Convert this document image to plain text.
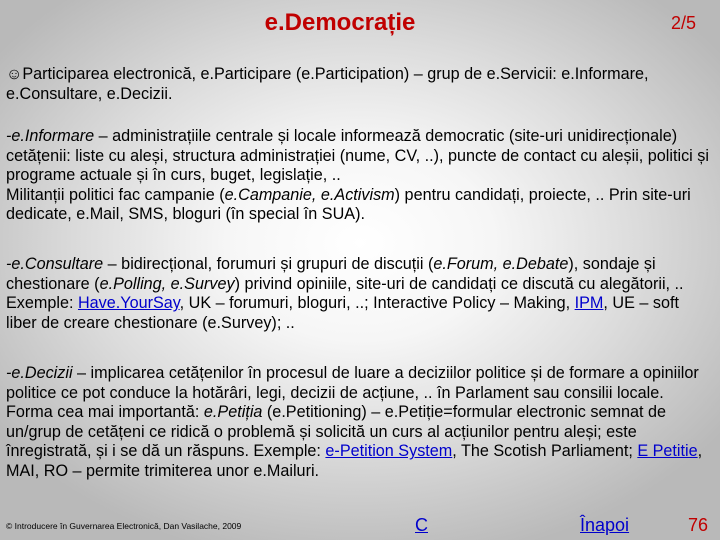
e.Democrație	2/5

☺Participarea electronică, e.Participare (e.Participation) – grup de e.Servicii: e.Informare, e.Consultare, e.Decizii.

-e.Informare – administrațiile centrale și locale informează democratic (site-uri unidirecționale) cetățenii: liste cu aleși, structura administrației (nume, CV, ..), puncte de contact cu aleșii, politici și programe actuale și în curs, buget, legislație, ..
Militanții politici fac campanie (e.Campanie, e.Activism) pentru candidați, proiecte, .. Prin site-uri dedicate, e.Mail, SMS, bloguri (în special în SUA).

-e.Consultare – bidirecțional, forumuri și grupuri de discuții (e.Forum, e.Debate), sondaje și chestionare (e.Polling, e.Survey) privind opiniile, site-uri de candidați ce discută cu alegătorii, .. Exemple: Have.YourSay, UK – forumuri, bloguri, ..; Interactive Policy – Making, IPM, UE – soft liber de creare chestionare (e.Survey); ..

-e.Decizii – implicarea cetățenilor în procesul de luare a deciziilor politice și de formare a opiniilor politice ce pot conduce la hotărâri, legi, decizii de acțiune, .. în Parlament sau consilii locale.
Forma cea mai importantă: e.Petiția (e.Petitioning) – e.Petiție=formular electronic semnat de un/grup de cetățeni ce ridică o problemă și solicită un curs al acțiunilor pentru aleși; este înregistrată, și i se dă un răspuns. Exemple: e-Petition System, The Scotish Parliament; E Petitie, MAI, RO – permite trimiterea unor e.Mailuri.

© Introducere în Guvernarea Electronică, Dan Vasilache, 2009	C	Înapoi	76
